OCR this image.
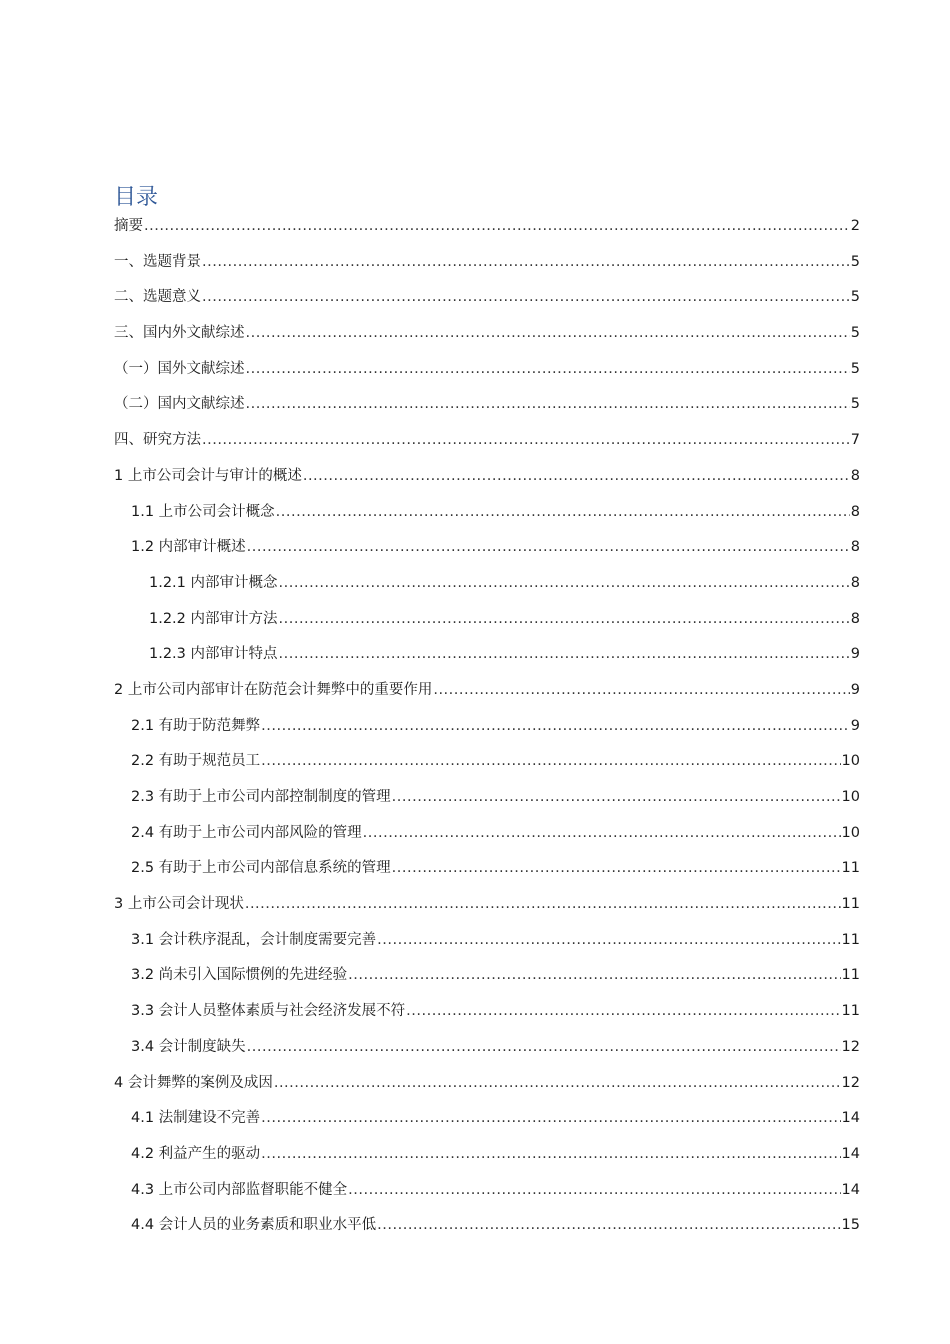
目录
摘要 .....	2
一、选题背景 .....	5
二、选题意义 .....	5
三、国内外文献综述 .....	5
（一）国外文献综述 .....	5
（二）国内文献综述 .....	5
四、研究方法 .....	7
1 上市公司会计与审计的概述 .....	8
1.1 上市公司会计概念 .....	8
1.2 内部审计概述 .....	8
1.2.1 内部审计概念 .....	8
1.2.2 内部审计方法 .....	8
1.2.3 内部审计特点 .....	9
2 上市公司内部审计在防范会计舞弊中的重要作用 .....	9
2.1 有助于防范舞弊 .....	9
2.2 有助于规范员工 .....	10
2.3 有助于上市公司内部控制制度的管理 .....	10
2.4 有助于上市公司内部风险的管理 .....	10
2.5 有助于上市公司内部信息系统的管理 .....	11
3 上市公司会计现状 .....	11
3.1 会计秩序混乱，会计制度需要完善 .....	11
3.2 尚未引入国际惯例的先进经验 .....	11
3.3 会计人员整体素质与社会经济发展不符 .....	11
3.4 会计制度缺失 .....	12
4 会计舞弊的案例及成因 .....	12
4.1 法制建设不完善 .....	14
4.2 利益产生的驱动 .....	14
4.3 上市公司内部监督职能不健全 .....	14
4.4 会计人员的业务素质和职业水平低 .....	15
